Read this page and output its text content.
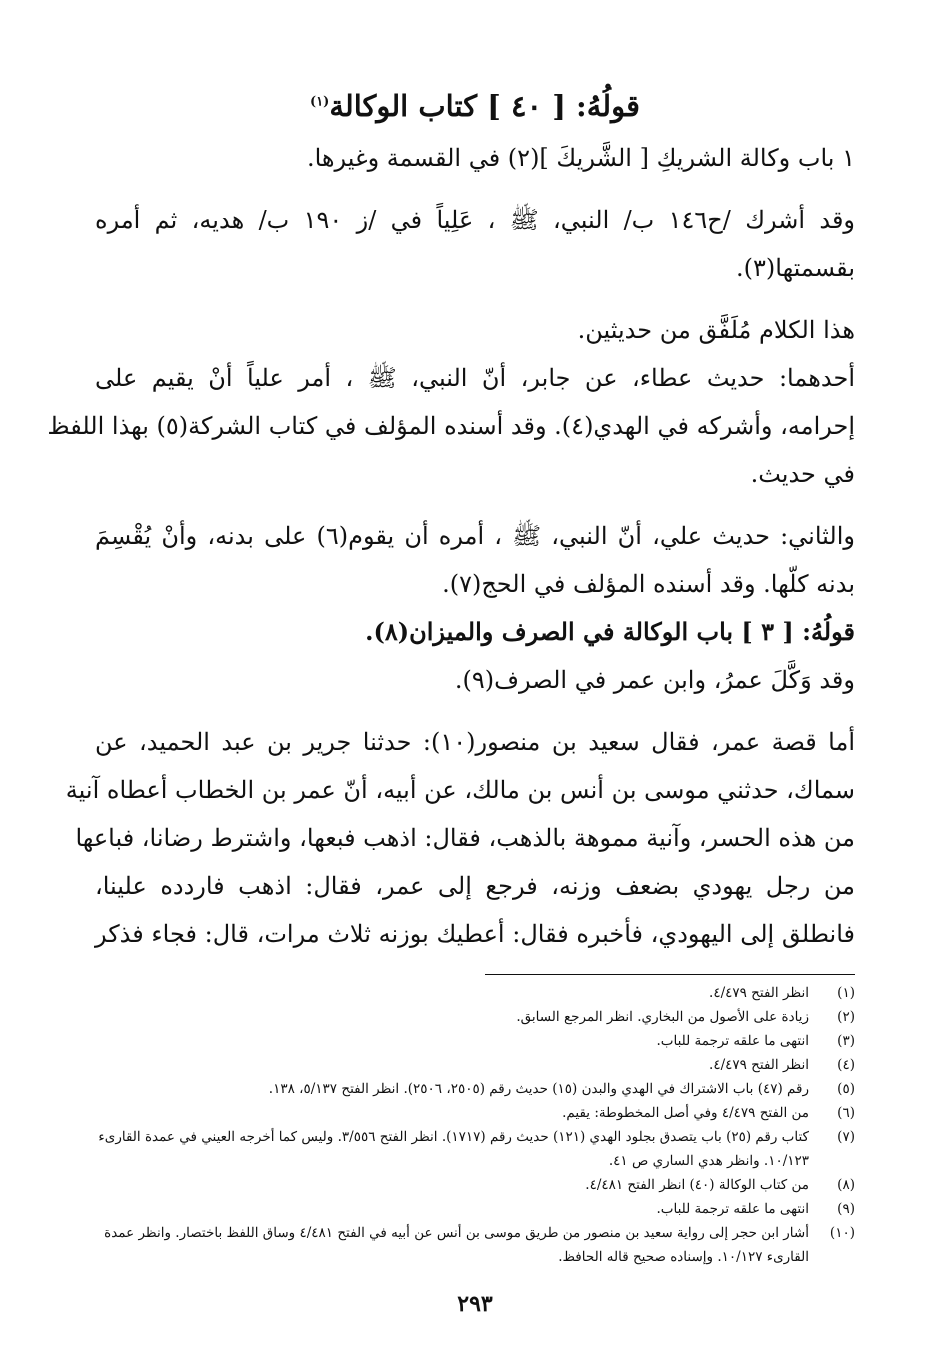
قولُهُ: [ ٤٠ ] كتاب الوكالة$^{(١)}$
١ باب وكالة الشريكِ [ الشَّريكَ ](٢) في القسمة وغيرها.
وقد أشرك /ح١٤٦ ب/ النبي، ﷺ ، عَلِياً في /ز ١٩٠ ب/ هديه، ثم أمره
بقسمتها(٣).
هذا الكلام مُلَفَّق من حديثين.
أحدهما: حديث عطاء، عن جابر، أنّ النبي، ﷺ ، أمر علياً أنْ يقيم على
إحرامه، وأشركه في الهدي(٤). وقد أسنده المؤلف في كتاب الشركة(٥) بهذا اللفظ
في حديث.
والثاني: حديث علي، أنّ النبي، ﷺ ، أمره أن يقوم(٦) على بدنه، وأنْ يُقْسِمَ
بدنه كلّها. وقد أسنده المؤلف في الحج(٧).
قولُهُ: [ ٣ ] باب الوكالة في الصرف والميزان(٨).
وقد وَكَّلَ عمرُ، وابن عمر في الصرف(٩).
أما قصة عمر، فقال سعيد بن منصور(١٠): حدثنا جرير بن عبد الحميد، عن
سماك، حدثني موسى بن أنس بن مالك، عن أبيه، أنّ عمر بن الخطاب أعطاه آنية
من هذه الحسر، وآنية مموهة بالذهب، فقال: اذهب فبعها، واشترط رضانا، فباعها
من رجل يهودي بضعف وزنه، فرجع إلى عمر، فقال: اذهب فاردده علينا،
فانطلق إلى اليهودي، فأخبره فقال: أعطيك بوزنه ثلاث مرات، قال: فجاء فذكر
(١)
انظر الفتح ٤/٤٧٩.
(٢)
زيادة على الأصول من البخاري. انظر المرجع السابق.
(٣)
انتهى ما علقه ترجمة للباب.
(٤)
انظر الفتح ٤/٤٧٩.
(٥)
رقم (٤٧) باب الاشتراك في الهدي والبدن (١٥) حديث رقم (٢٥٠٥، ٢٥٠٦). انظر الفتح ٥/١٣٧، ١٣٨.
(٦)
من الفتح ٤/٤٧٩ وفي أصل المخطوطة: يقيم.
(٧)
كتاب رقم (٢٥) باب يتصدق بجلود الهدي (١٢١) حديث رقم (١٧١٧). انظر الفتح ٣/٥٥٦. وليس كما أخرجه العيني في عمدة القارىء ١٠/١٢٣. وانظر هدي الساري ص ٤١.
(٨)
من كتاب الوكالة (٤٠) انظر الفتح ٤/٤٨١.
(٩)
انتهى ما علقه ترجمة للباب.
(١٠)
أشار ابن حجر إلى رواية سعيد بن منصور من طريق موسى بن أنس عن أبيه في الفتح ٤/٤٨١ وساق اللفظ باختصار. وانظر عمدة القارىء ١٠/١٢٧. وإسناده صحيح قاله الحافظ.
٢٩٣
